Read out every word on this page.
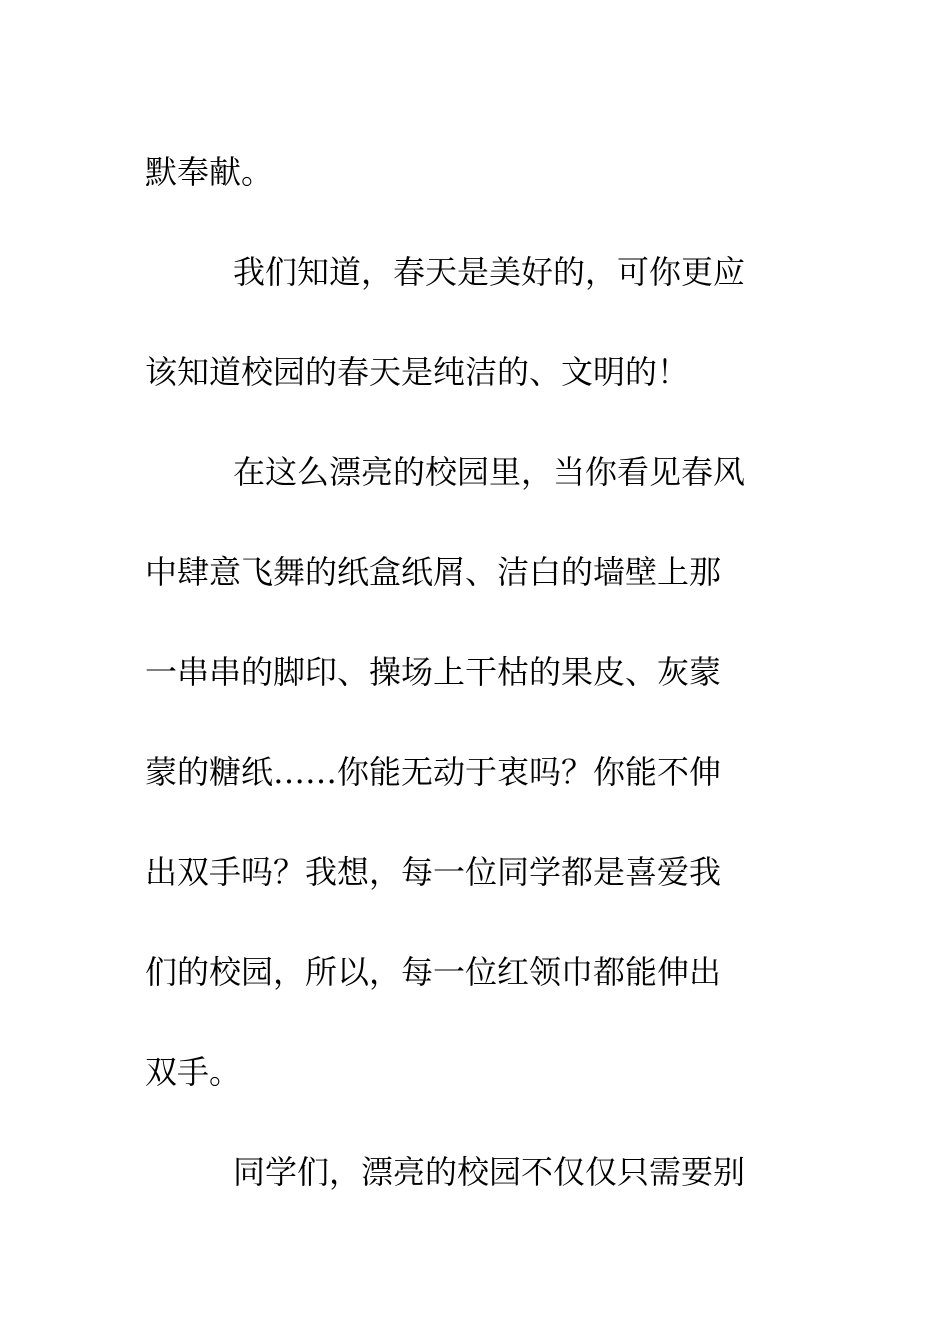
默奉献。
我们知道，春天是美好的，可你更应
该知道校园的春天是纯洁的、文明的！
在这么漂亮的校园里，当你看见春风
中肆意飞舞的纸盒纸屑、洁白的墙壁上那
一串串的脚印、操场上干枯的果皮、灰蒙
蒙的糖纸……你能无动于衷吗？你能不伸
出双手吗？我想，每一位同学都是喜爱我
们的校园，所以，每一位红领巾都能伸出
双手。
同学们，漂亮的校园不仅仅只需要别
